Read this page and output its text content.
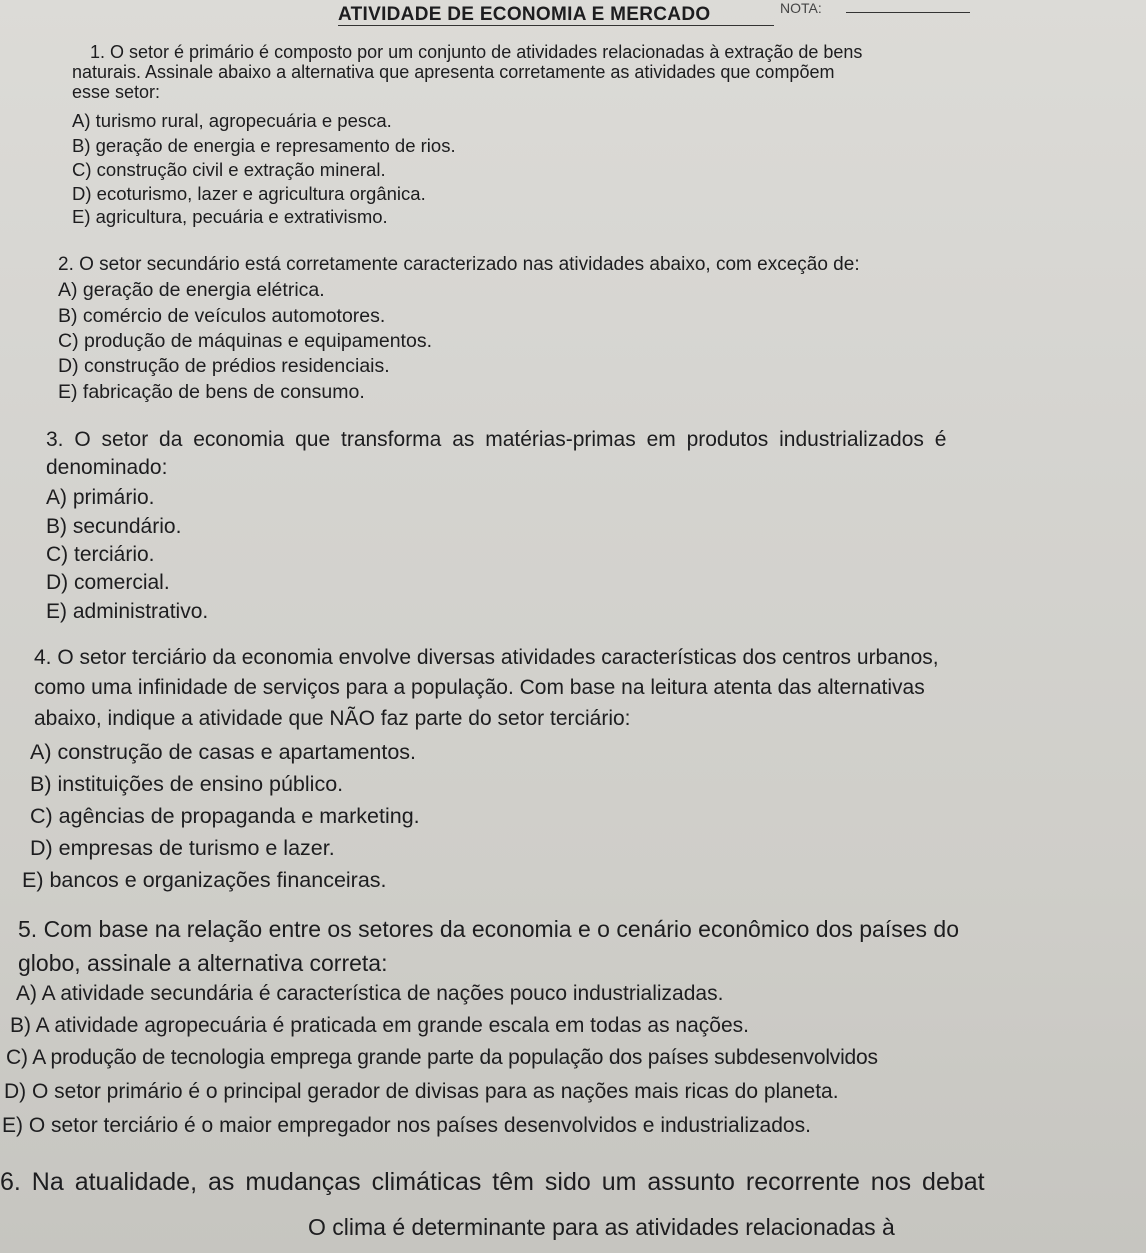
ATIVIDADE DE ECONOMIA E MERCADO	NOTA:
1. O setor é primário é composto por um conjunto de atividades relacionadas à extração de bens
naturais. Assinale abaixo a alternativa que apresenta corretamente as atividades que compõem
esse setor:
A) turismo rural, agropecuária e pesca.
B) geração de energia e represamento de rios.
C) construção civil e extração mineral.
D) ecoturismo, lazer e agricultura orgânica.
E) agricultura, pecuária e extrativismo.
2. O setor secundário está corretamente caracterizado nas atividades abaixo, com exceção de:
A) geração de energia elétrica.
B) comércio de veículos automotores.
C) produção de máquinas e equipamentos.
D) construção de prédios residenciais.
E) fabricação de bens de consumo.
3. O setor da economia que transforma as matérias-primas em produtos industrializados é
denominado:
A) primário.
B) secundário.
C) terciário.
D) comercial.
E) administrativo.
4. O setor terciário da economia envolve diversas atividades características dos centros urbanos,
como uma infinidade de serviços para a população. Com base na leitura atenta das alternativas
abaixo, indique a atividade que NÃO faz parte do setor terciário:
A) construção de casas e apartamentos.
B) instituições de ensino público.
C) agências de propaganda e marketing.
D) empresas de turismo e lazer.
E) bancos e organizações financeiras.
5. Com base na relação entre os setores da economia e o cenário econômico dos países do
globo, assinale a alternativa correta:
A) A atividade secundária é característica de nações pouco industrializadas.
B) A atividade agropecuária é praticada em grande escala em todas as nações.
C) A produção de tecnologia emprega grande parte da população dos países subdesenvolvidos
D) O setor primário é o principal gerador de divisas para as nações mais ricas do planeta.
E) O setor terciário é o maior empregador nos países desenvolvidos e industrializados.
6. Na atualidade, as mudanças climáticas têm sido um assunto recorrente nos debat
O clima é determinante para as atividades relacionadas à
